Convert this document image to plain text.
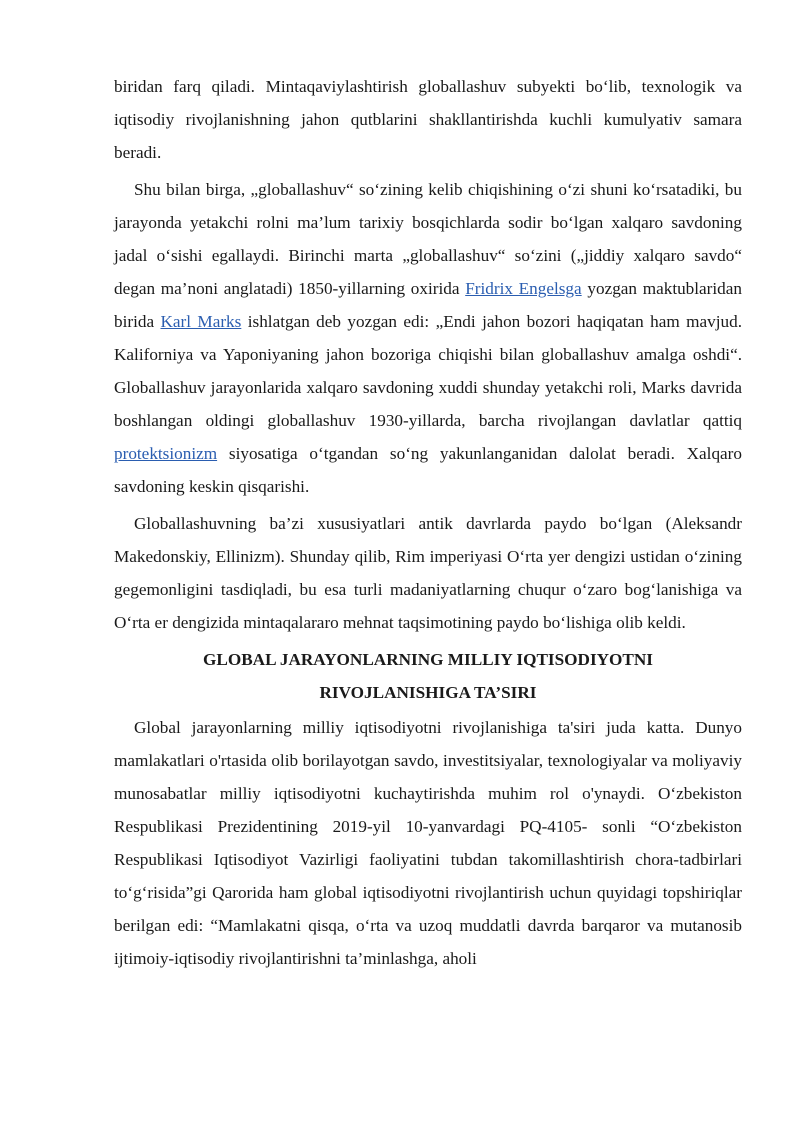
biridan farq qiladi. Mintaqaviylashtirish globallashuv subyekti bo‘lib, texnologik va iqtisodiy rivojlanishning jahon qutblarini shakllantirishda kuchli kumulyativ samara beradi.

Shu bilan birga, „globallashuv“ so‘zining kelib chiqishining o‘zi shuni ko‘rsatadiki, bu jarayonda yetakchi rolni ma’lum tarixiy bosqichlarda sodir bo‘lgan xalqaro savdoning jadal o‘sishi egallaydi. Birinchi marta „globallashuv“ so‘zini („jiddiy xalqaro savdo“ degan ma’noni anglatadi) 1850-yillarning oxirida Fridrix Engelsga yozgan maktublaridan birida Karl Marks ishlatgan deb yozgan edi: „Endi jahon bozori haqiqatan ham mavjud. Kaliforniya va Yaponiyaning jahon bozoriga chiqishi bilan globallashuv amalga oshdi“. Globallashuv jarayonlarida xalqaro savdoning xuddi shunday yetakchi roli, Marks davrida boshlangan oldingi globallashuv 1930-yillarda, barcha rivojlangan davlatlar qattiq protektsionizm siyosatiga o‘tgandan so‘ng yakunlanganidan dalolat beradi. Xalqaro savdoning keskin qisqarishi.

Globallashuvning ba’zi xususiyatlari antik davrlarda paydo bo‘lgan (Aleksandr Makedonskiy, Ellinizm). Shunday qilib, Rim imperiyasi O‘rta yer dengizi ustidan o‘zining gegemonligini tasdiqladi, bu esa turli madaniyatlarning chuqur o‘zaro bog‘lanishiga va O‘rta er dengizida mintaqalararo mehnat taqsimotining paydo bo‘lishiga olib keldi.

GLOBAL JARAYONLARNING MILLIY IQTISODIYOTNI
RIVOJLANISHIGA TA’SIRI

Global jarayonlarning milliy iqtisodiyotni rivojlanishiga ta'siri juda katta. Dunyo mamlakatlari o'rtasida olib borilayotgan savdo, investitsiyalar, texnologiyalar va moliyaviy munosabatlar milliy iqtisodiyotni kuchaytirishda muhim rol o'ynaydi. O‘zbekiston Respublikasi Prezidentining 2019-yil 10-yanvardagi PQ-4105- sonli “O‘zbekiston Respublikasi Iqtisodiyot Vazirligi faoliyatini tubdan takomillashtirish chora-tadbirlari to‘g‘risida”gi Qarorida ham global iqtisodiyotni rivojlantirish uchun quyidagi topshiriqlar berilgan edi: “Mamlakatni qisqa, o‘rta va uzoq muddatli davrda barqaror va mutanosib ijtimoiy-iqtisodiy rivojlantirishni ta’minlashga, aholi
